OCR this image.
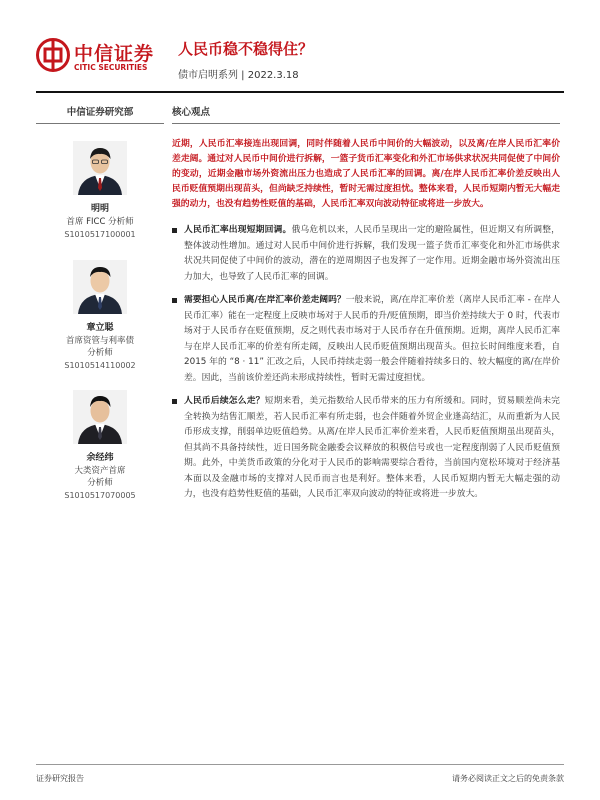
中信证券
CITIC SECURITIES
人民币稳不稳得住？
债市启明系列 | 2022.3.18
中信证券研究部
明明
首席 FICC 分析师
S1010517100001
章立聪
首席资管与利率债
分析师
S1010514110002
余经纬
大类资产首席
分析师
S1010517070005
核心观点

近期，人民币汇率接连出现回调，同时伴随着人民币中间价的大幅波动，以及离/在岸人民币汇率价差走阔。通过对人民币中间价进行拆解，一篮子货币汇率变化和外汇市场供求状况共同促使了中间价的变动，近期金融市场外资流出压力也造成了人民币汇率的回调。离/在岸人民币汇率价差反映出人民币贬值预期出现苗头，但尚缺乏持续性，暂时无需过度担忧。整体来看，人民币短期内暂无大幅走强的动力，也没有趋势性贬值的基础，人民币汇率双向波动特征或将进一步放大。

人民币汇率出现短期回调。俄乌危机以来，人民币呈现出一定的避险属性，但近期又有所调整，整体波动性增加。通过对人民币中间价进行拆解，我们发现一篮子货币汇率变化和外汇市场供求状况共同促使了中间价的波动，潜在的逆周期因子也发挥了一定作用。近期金融市场外资流出压力加大，也导致了人民币汇率的回调。
需要担心人民币离/在岸汇率价差走阔吗？一般来说，离/在岸汇率价差（离岸人民币汇率 - 在岸人民币汇率）能在一定程度上反映市场对于人民币的升/贬值预期，即当价差持续大于 0 时，代表市场对于人民币存在贬值预期，反之则代表市场对于人民币存在升值预期。近期，离岸人民币汇率与在岸人民币汇率的价差有所走阔，反映出人民币贬值预期出现苗头。但拉长时间维度来看，自 2015 年的 “8 · 11” 汇改之后，人民币持续走弱一般会伴随着持续多日的、较大幅度的离/在岸价差。因此，当前该价差还尚未形成持续性，暂时无需过度担忧。
人民币后续怎么走？短期来看，美元指数给人民币带来的压力有所缓和。同时，贸易顺差尚未完全转换为结售汇顺差，若人民币汇率有所走弱，也会伴随着外贸企业逢高结汇，从而重新为人民币形成支撑，削弱单边贬值趋势。从离/在岸人民币汇率价差来看，人民币贬值预期虽出现苗头，但其尚不具备持续性，近日国务院金融委会议释放的积极信号或也一定程度削弱了人民币贬值预期。此外，中美货币政策的分化对于人民币的影响需要综合看待，当前国内宽松环境对于经济基本面以及金融市场的支撑对人民币而言也是利好。整体来看，人民币短期内暂无大幅走强的动力，也没有趋势性贬值的基础，人民币汇率双向波动的特征或将进一步放大。
证券研究报告	请务必阅读正文之后的免责条款
